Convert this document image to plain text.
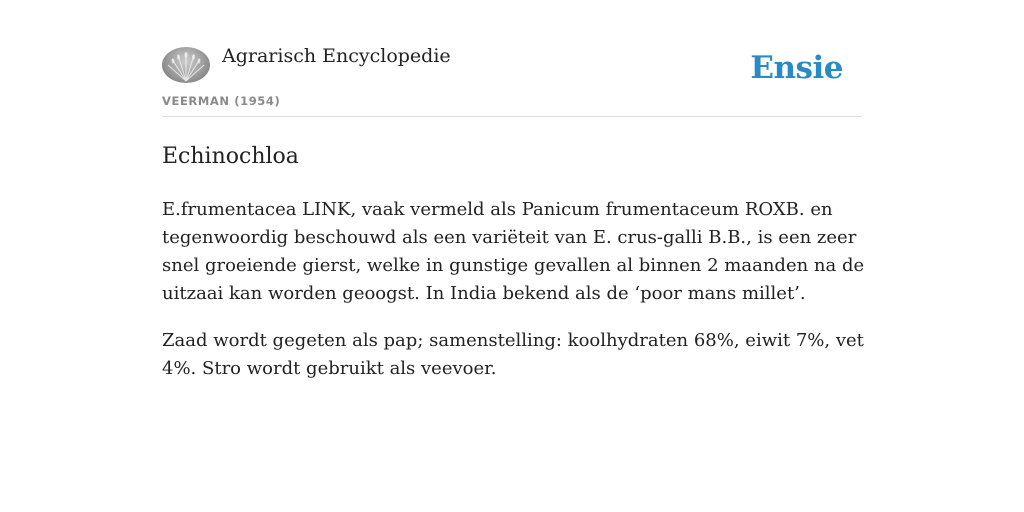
Agrarisch Encyclopedie
VEERMAN (1954)
Ensie
Echinochloa

E.frumentacea LINK, vaak vermeld als Panicum frumentaceum ROXB. en tegenwoordig beschouwd als een variëteit van E. crus-galli B.B., is een zeer snel groeiende gierst, welke in gunstige gevallen al binnen 2 maanden na de uitzaai kan worden geoogst. In India bekend als de ‘poor mans millet’.

Zaad wordt gegeten als pap; samenstelling: koolhydraten 68%, eiwit 7%, vet 4%. Stro wordt gebruikt als veevoer.
